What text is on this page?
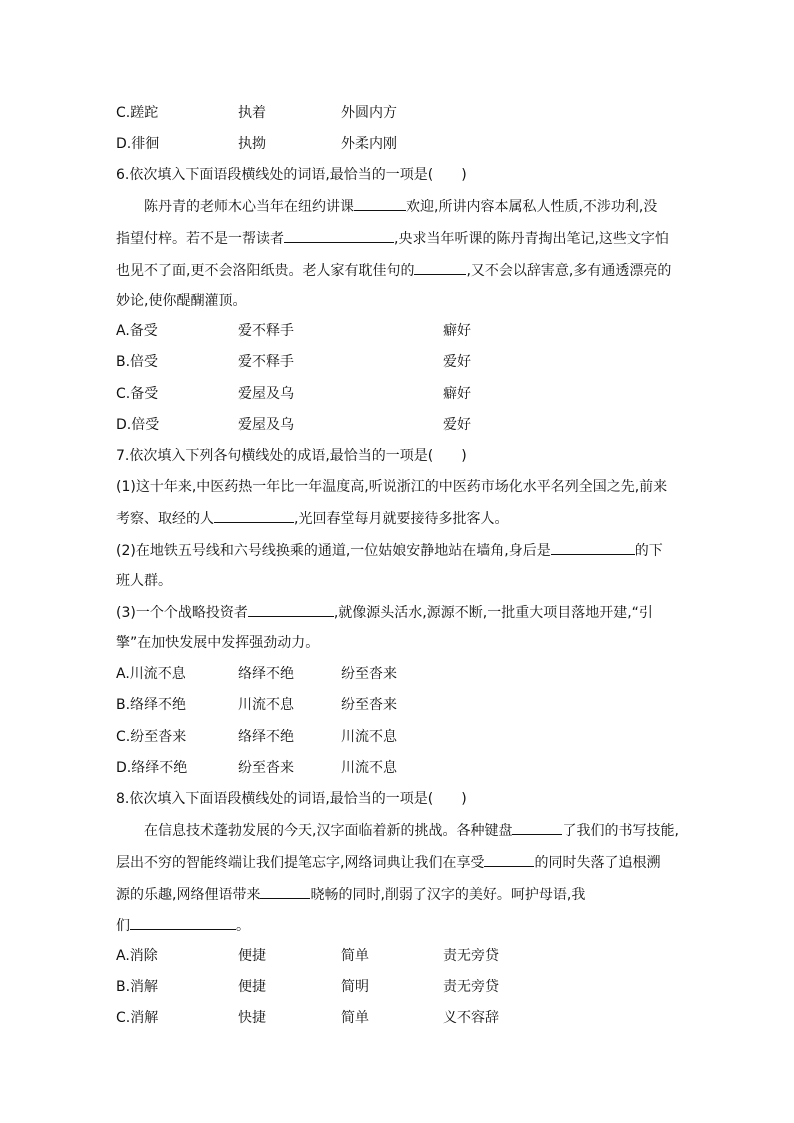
C.蹉跎	执着	外圆内方
D.徘徊	执拗	外柔内刚
6.依次填入下面语段横线处的词语,最恰当的一项是(　　)
陈丹青的老师木心当年在纽约讲课	欢迎,所讲内容本属私人性质,不涉功利,没
指望付梓。若不是一帮读者	,央求当年听课的陈丹青掏出笔记,这些文字怕
也见不了面,更不会洛阳纸贵。老人家有耽佳句的	,又不会以辞害意,多有通透漂亮的
妙论,使你醍醐灌顶。
A.备受	爱不释手	癖好
B.倍受	爱不释手	爱好
C.备受	爱屋及乌	癖好
D.倍受	爱屋及乌	爱好
7.依次填入下列各句横线处的成语,最恰当的一项是(　　)
(1)这十年来,中医药热一年比一年温度高,听说浙江的中医药市场化水平名列全国之先,前来
考察、取经的人	,光回春堂每月就要接待多批客人。
(2)在地铁五号线和六号线换乘的通道,一位姑娘安静地站在墙角,身后是	的下
班人群。
(3)一个个战略投资者	,就像源头活水,源源不断,一批重大项目落地开建,“引
擎”在加快发展中发挥强劲动力。
A.川流不息	络绎不绝	纷至沓来
B.络绎不绝	川流不息	纷至沓来
C.纷至沓来	络绎不绝	川流不息
D.络绎不绝	纷至沓来	川流不息
8.依次填入下面语段横线处的词语,最恰当的一项是(　　)
在信息技术蓬勃发展的今天,汉字面临着新的挑战。各种键盘	了我们的书写技能,
层出不穷的智能终端让我们提笔忘字,网络词典让我们在享受	的同时失落了追根溯
源的乐趣,网络俚语带来	晓畅的同时,削弱了汉字的美好。呵护母语,我
们	。
A.消除	便捷	简单	责无旁贷
B.消解	便捷	简明	责无旁贷
C.消解	快捷	简单	义不容辞
